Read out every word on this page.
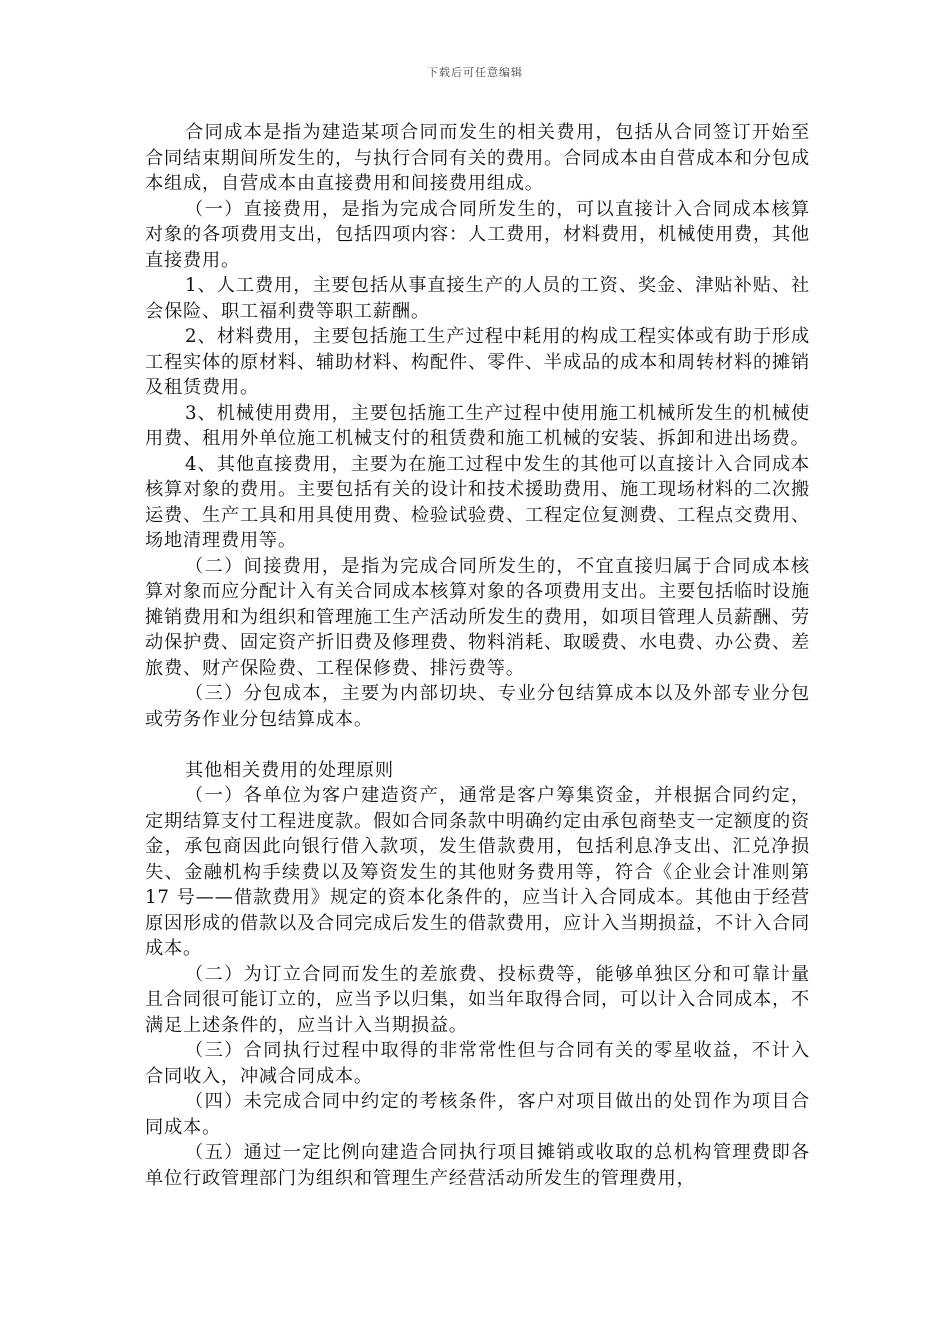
下载后可任意编辑

合同成本是指为建造某项合同而发生的相关费用，包括从合同签订开始至合同结束期间所发生的，与执行合同有关的费用。合同成本由自营成本和分包成本组成，自营成本由直接费用和间接费用组成。

（一）直接费用，是指为完成合同所发生的，可以直接计入合同成本核算对象的各项费用支出，包括四项内容：人工费用，材料费用，机械使用费，其他直接费用。

1、人工费用，主要包括从事直接生产的人员的工资、奖金、津贴补贴、社会保险、职工福利费等职工薪酬。

2、材料费用，主要包括施工生产过程中耗用的构成工程实体或有助于形成工程实体的原材料、辅助材料、构配件、零件、半成品的成本和周转材料的摊销及租赁费用。

3、机械使用费用，主要包括施工生产过程中使用施工机械所发生的机械使用费、租用外单位施工机械支付的租赁费和施工机械的安装、拆卸和进出场费。

4、其他直接费用，主要为在施工过程中发生的其他可以直接计入合同成本核算对象的费用。主要包括有关的设计和技术援助费用、施工现场材料的二次搬运费、生产工具和用具使用费、检验试验费、工程定位复测费、工程点交费用、场地清理费用等。

（二）间接费用，是指为完成合同所发生的，不宜直接归属于合同成本核算对象而应分配计入有关合同成本核算对象的各项费用支出。主要包括临时设施摊销费用和为组织和管理施工生产活动所发生的费用，如项目管理人员薪酬、劳动保护费、固定资产折旧费及修理费、物料消耗、取暖费、水电费、办公费、差旅费、财产保险费、工程保修费、排污费等。

（三）分包成本，主要为内部切块、专业分包结算成本以及外部专业分包或劳务作业分包结算成本。

其他相关费用的处理原则

（一）各单位为客户建造资产，通常是客户筹集资金，并根据合同约定，定期结算支付工程进度款。假如合同条款中明确约定由承包商垫支一定额度的资金，承包商因此向银行借入款项，发生借款费用，包括利息净支出、汇兑净损失、金融机构手续费以及筹资发生的其他财务费用等，符合《企业会计准则第 17 号——借款费用》规定的资本化条件的，应当计入合同成本。其他由于经营原因形成的借款以及合同完成后发生的借款费用，应计入当期损益，不计入合同成本。

（二）为订立合同而发生的差旅费、投标费等，能够单独区分和可靠计量且合同很可能订立的，应当予以归集，如当年取得合同，可以计入合同成本，不满足上述条件的，应当计入当期损益。

（三）合同执行过程中取得的非常常性但与合同有关的零星收益，不计入合同收入，冲减合同成本。

（四）未完成合同中约定的考核条件，客户对项目做出的处罚作为项目合同成本。

（五）通过一定比例向建造合同执行项目摊销或收取的总机构管理费即各单位行政管理部门为组织和管理生产经营活动所发生的管理费用，
